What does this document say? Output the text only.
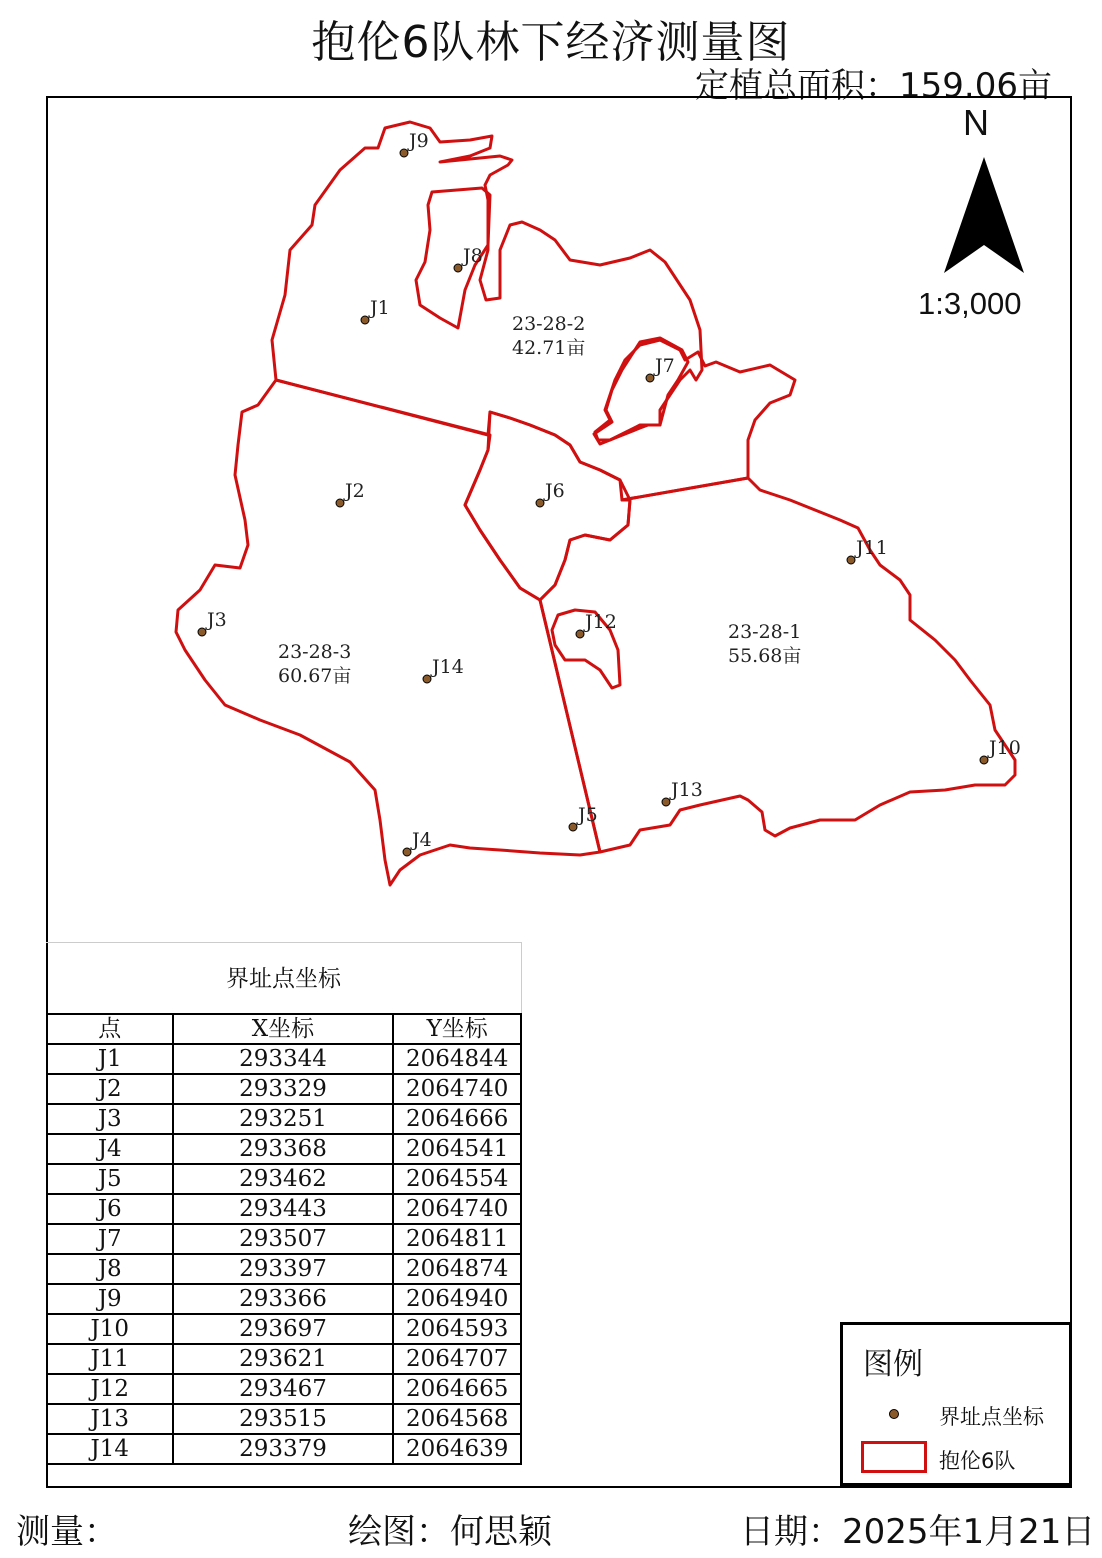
抱伦6队林下经济测量图
定植总面积：159.06亩
23-28-2
42.71亩
23-28-3
60.67亩
23-28-1
55.68亩
J1
J2
J3
J4
J5
J6
J7
J8
J9
J10
J11
J12
J13
J14
N
1:3,000
界址点坐标
点	X坐标	Y坐标
J1	293344	2064844
J2	293329	2064740
J3	293251	2064666
J4	293368	2064541
J5	293462	2064554
J6	293443	2064740
J7	293507	2064811
J8	293397	2064874
J9	293366	2064940
J10	293697	2064593
J11	293621	2064707
J12	293467	2064665
J13	293515	2064568
J14	293379	2064639
图例
界址点坐标
抱伦6队
测量：	绘图：何思颖	日期：2025年1月21日
